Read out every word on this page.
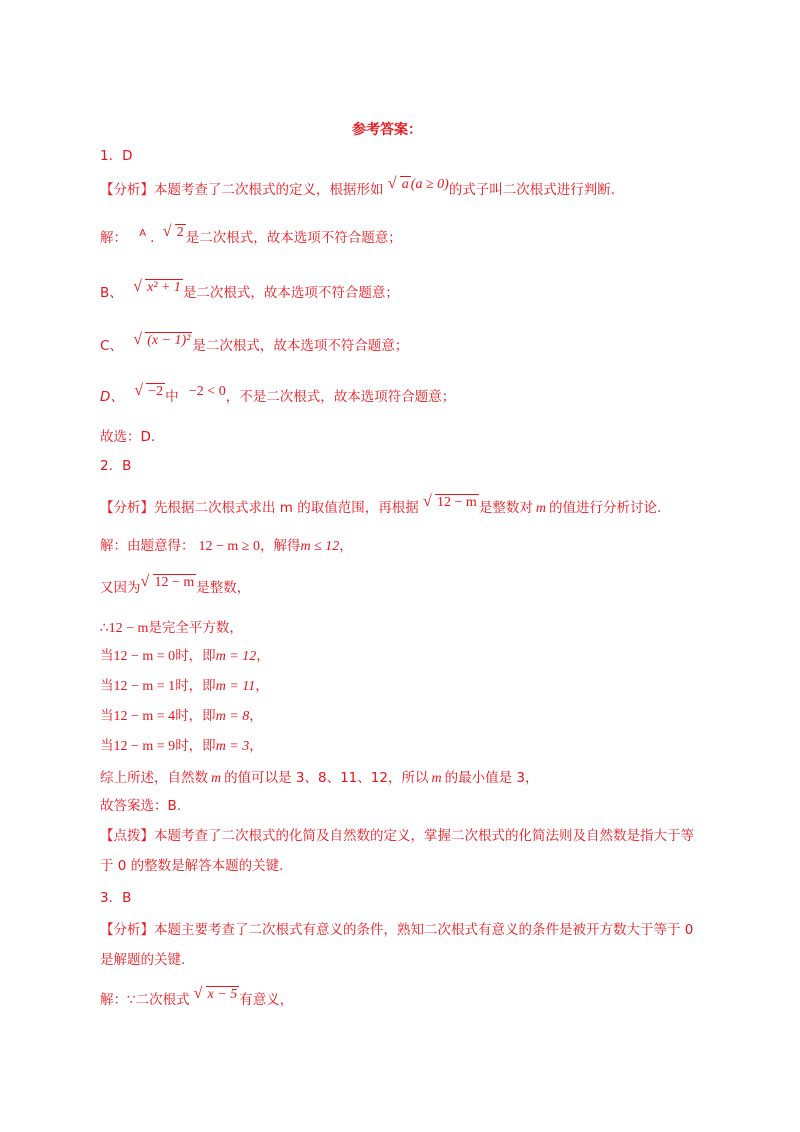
参考答案：
1．D
【分析】本题考查了二次根式的定义，根据形如 √ a (a ≥ 0)的式子叫二次根式进行判断.
解： $^A$ . √ 2 是二次根式，故本选项不符合题意；
B、 √ x² + 1 是二次根式，故本选项不符合题意；
C、 √ (x − 1)² 是二次根式，故本选项不符合题意；
D、 √ −2 中 −2 < 0，不是二次根式，故本选项符合题意；
故选：D.
2．B
【分析】先根据二次根式求出 m 的取值范围，再根据 √ 12 − m 是整数对 m 的值进行分析讨论.
解：由题意得： 12 − m ≥ 0，解得m ≤ 12，
又因为 √ 12 − m 是整数，
∴12 − m是完全平方数，
当12 − m = 0时，即m = 12，
当12 − m = 1时，即m = 11，
当12 − m = 4时，即m = 8，
当12 − m = 9时，即m = 3，
综上所述，自然数 m 的值可以是 3、8、11、12，所以 m 的最小值是 3，
故答案选：B.
【点拨】本题考查了二次根式的化简及自然数的定义，掌握二次根式的化简法则及自然数是指大于等
于 0 的整数是解答本题的关键.
3．B
【分析】本题主要考查了二次根式有意义的条件，熟知二次根式有意义的条件是被开方数大于等于 0
是解题的关键.
解：∵二次根式 √ x − 5 有意义，
